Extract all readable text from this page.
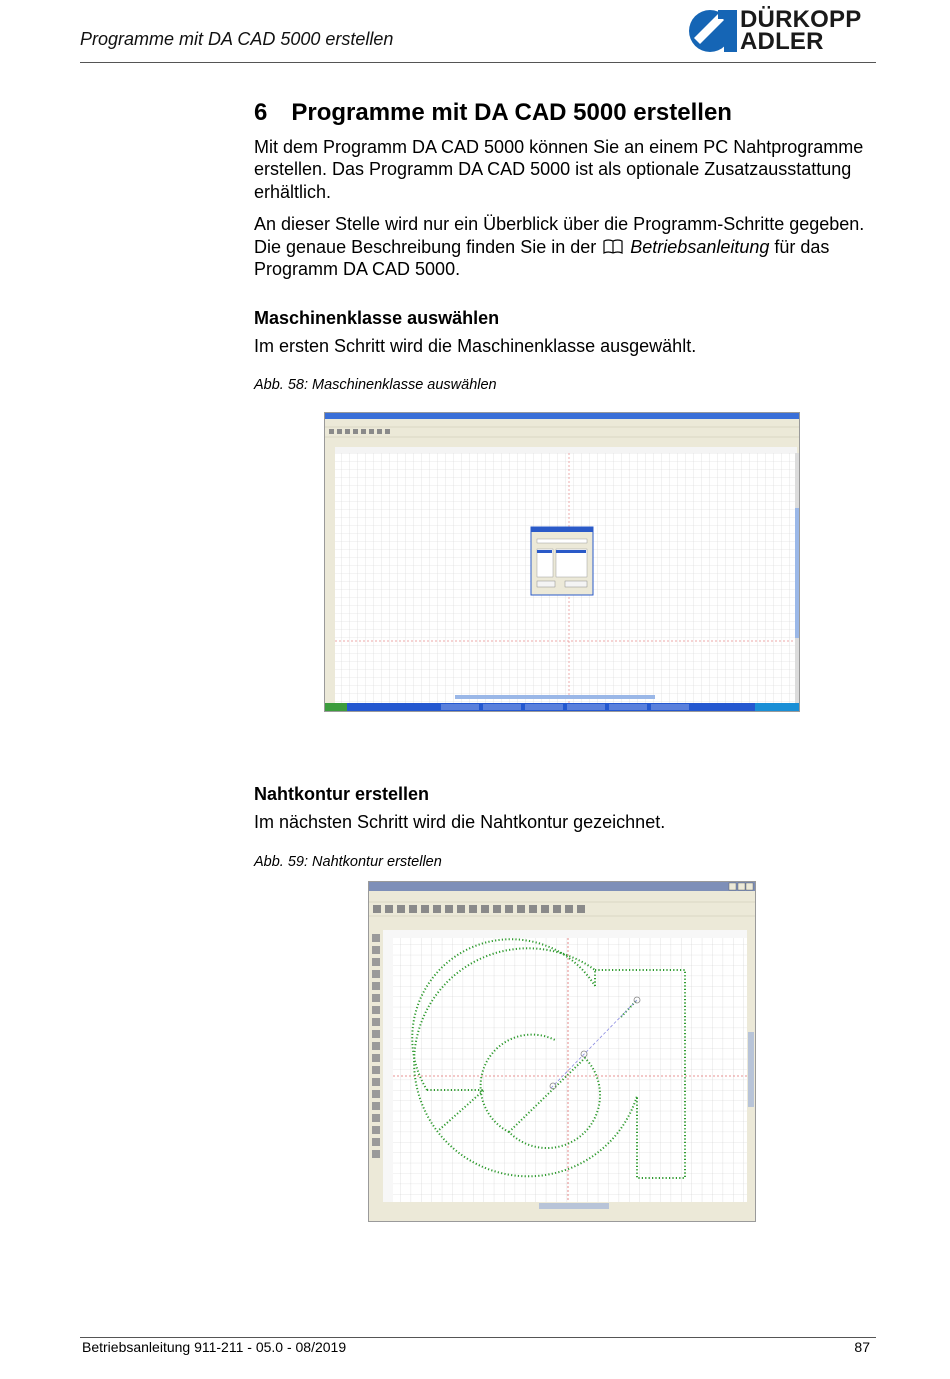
Programme mit DA CAD 5000 erstellen
DÜRKOPP
ADLER
6 Programme mit DA CAD 5000 erstellen

Mit dem Programm DA CAD 5000 können Sie an einem PC Nahtprogramme erstellen. Das Programm DA CAD 5000 ist als optionale Zusatzausstattung erhältlich.

An dieser Stelle wird nur ein Überblick über die Programm-Schritte gegeben. Die genaue Beschreibung finden Sie in der Betriebsanleitung für das Programm DA CAD 5000.

Maschinenklasse auswählen

Im ersten Schritt wird die Maschinenklasse ausgewählt.

Abb. 58: Maschinenklasse auswählen
Nahtkontur erstellen

Im nächsten Schritt wird die Nahtkontur gezeichnet.

Abb. 59: Nahtkontur erstellen
Betriebsanleitung 911-211 - 05.0 - 08/2019	87
